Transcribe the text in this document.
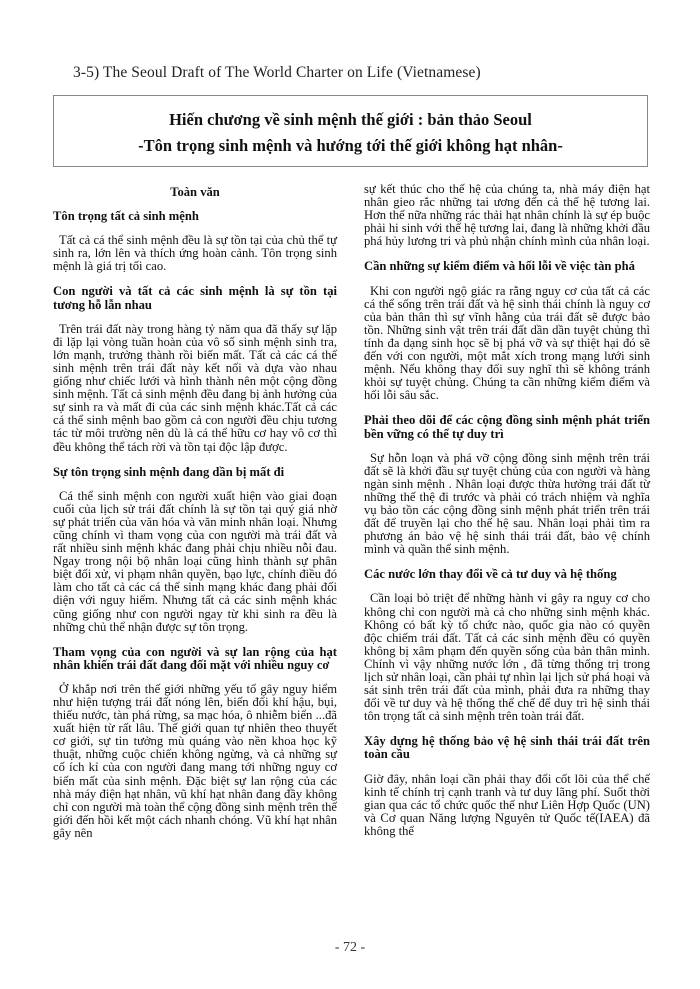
3-5) The Seoul Draft of The World Charter on Life (Vietnamese)
Hiến chương về sinh mệnh thế giới : bản thảo Seoul
-Tôn trọng sinh mệnh và hướng tới thế giới không hạt nhân-
Toàn văn
Tôn trọng tất cả sinh mệnh

Tất cả cá thể sinh mệnh đều là sự tồn tại của chủ thể tự sinh ra, lớn lên và thích ứng hoàn cảnh. Tôn trọng sinh mệnh là giá trị tối cao.

Con người và tất cả các sinh mệnh là sự tồn tại tương hỗ lẫn nhau

Trên trái đất này trong hàng tỷ năm qua đã thấy sự lặp đi lặp lại vòng tuần hoàn của vô số sinh mệnh sinh tra, lớn mạnh, trưởng thành rồi biến mất. Tất cả các cá thể sinh mệnh trên trái đất này kết nối và dựa vào nhau giống như chiếc lưới và hình thành nên một cộng đồng sinh mệnh. Tất cả sinh mệnh đều đang bị ảnh hưởng của sự sinh ra và mất đi của các sinh mệnh khác.Tất cả các cá thể sinh mệnh bao gồm cả con người đều chịu tương tác từ môi trường nên dù là cá thể hữu cơ hay vô cơ thì đều không thể tách rời và tồn tại độc lập được.

Sự tôn trọng sinh mệnh đang dần bị mất đi

Cá thể sinh mệnh con người xuất hiện vào giai đoạn cuối của lịch sử trái đất chính là sự tồn tại quý giá nhờ sự phát triển của văn hóa và văn minh nhân loại. Nhưng cũng chính vì tham vọng của con người mà trái đất và rất nhiều sinh mệnh khác đang phải chịu nhiều nỗi đau. Ngay trong nội bộ nhân loại cũng hình thành sự phân biệt đối xử, vi phạm nhân quyền, bạo lực, chính điều đó làm cho tất cả các cá thể sinh mạng khác đang phải đối diện với nguy hiểm. Nhưng tất cả các sinh mệnh khác cũng giống như con người ngay từ khi sinh ra đều là những chủ thể nhận được sự tôn trọng.

Tham vọng của con người và sự lan rộng của hạt nhân khiến trái đất đang đối mặt với nhiều nguy cơ

Ở khắp nơi trên thế giới những yếu tố gây nguy hiểm như hiện tượng trái đất nóng lên, biến đổi khí hậu, bụi, thiếu nước, tàn phá rừng, sa mạc hóa, ô nhiễm biển ...đã xuất hiện từ rất lâu. Thế giới quan tự nhiên theo thuyết cơ giới, sự tin tưởng mù quáng vào nền khoa học kỹ thuật, những cuộc chiến không ngừng, và cả những sự cố ích kỉ của con người đang mang tới những nguy cơ biến mất của sinh mệnh. Đặc biệt sự lan rộng của các nhà máy điện hạt nhân, vũ khí hạt nhân đang đầy không chỉ con người mà toàn thể cộng đồng sinh mệnh trên thế giới đến hồi kết một cách nhanh chóng. Vũ khí hạt nhân gây nên

sự kết thúc cho thế hệ của chúng ta, nhà máy điện hạt nhân gieo rắc những tai ương đến cả thế hệ tương lai. Hơn thế nữa những rác thải hạt nhân chính là sự ép buộc phải hi sinh với thế hệ tương lai, đang là những khởi đầu phá hủy lương tri và phủ nhận chính mình của nhân loại.

Cần những sự kiểm điểm và hối lỗi về việc tàn phá

Khi con người ngộ giác ra rằng nguy cơ của tất cả các cá thể sống trên trái đất và hệ sinh thái chính là nguy cơ của bản thân thì sự vĩnh hằng của trái đất sẽ được bảo tồn. Những sinh vật trên trái đất dần dần tuyệt chủng thì tính đa dạng sinh học sẽ bị phá vỡ và sự thiệt hại đó sẽ đến với con người, một mắt xích trong mạng lưới sinh mệnh. Nếu không thay đổi suy nghĩ thì sẽ không tránh khỏi sự tuyệt chủng. Chúng ta cần những kiểm điểm và hối lỗi sâu sắc.

Phải theo dõi để các cộng đồng sinh mệnh phát triển bền vững có thể tự duy trì

Sự hỗn loạn và phá vỡ cộng đồng sinh mệnh trên trái đất sẽ là khởi đầu sự tuyệt chủng của con người và hàng ngàn sinh mệnh . Nhân loại được thừa hưởng trái đất từ những thế thệ đi trước và phải có trách nhiệm và nghĩa vụ bảo tồn các cộng đồng sinh mệnh phát triển trên trái đất để truyền lại cho thế hệ sau. Nhân loại phải tìm ra phương án bảo vệ hệ sinh thái trái đất, bảo vệ chính mình và quần thể sinh mệnh.

Các nước lớn thay đổi về cả tư duy và hệ thống

Cần loại bỏ triệt để những hành vi gây ra nguy cơ cho không chỉ con người mà cả cho những sinh mệnh khác. Không có bất kỳ tổ chức nào, quốc gia nào có quyền độc chiếm trái đất. Tất cả các sinh mệnh đều có quyền không bị xâm phạm đến quyền sống của bản thân mình. Chính vì vậy những nước lớn , đã từng thống trị trong lịch sử nhân loại, cần phải tự nhìn lại lịch sử phá hoại và sát sinh trên trái đất của mình, phải đưa ra những thay đổi về tư duy và hệ thống thể chế để duy trì hệ sinh thái tôn trọng tất cả sinh mệnh trên toàn trái đất.

Xây dựng hệ thống bảo vệ hệ sinh thái trái đất trên toàn cầu

Giờ đây, nhân loại cần phải thay đổi cốt lõi của thể chế kinh tế chính trị cạnh tranh và tư duy lãng phí. Suốt thời gian qua các tổ chức quốc thế như Liên Hợp Quốc (UN) và Cơ quan Năng lượng Nguyên tử Quốc tế(IAEA) đã không thể

- 72 -
